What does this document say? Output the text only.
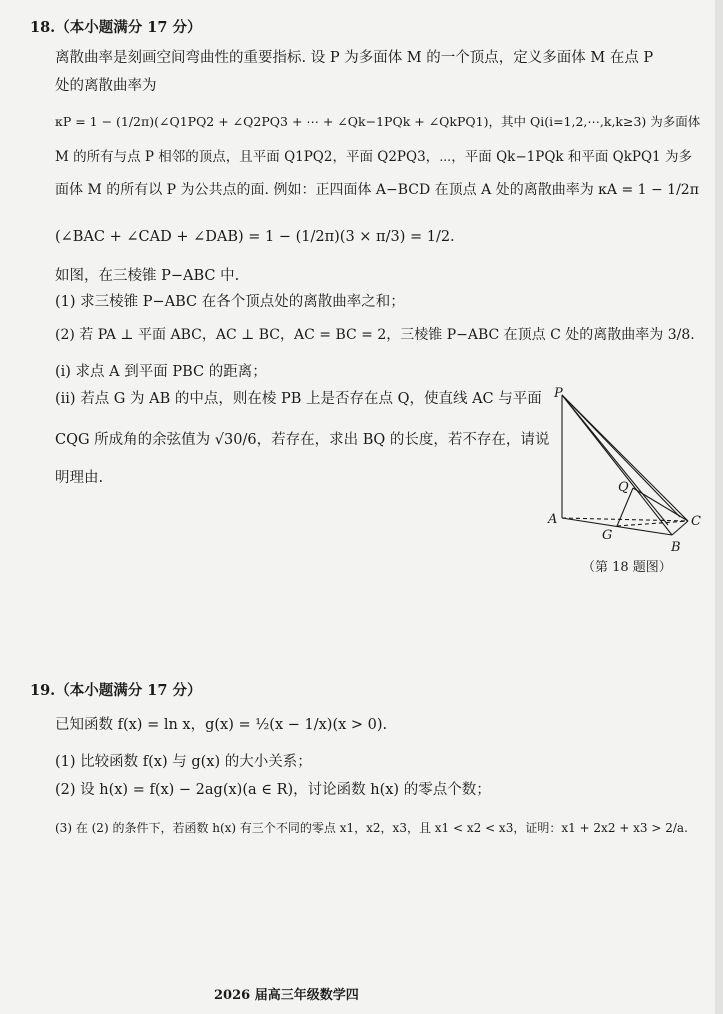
18.（本小题满分 17 分）
离散曲率是刻画空间弯曲性的重要指标. 设 P 为多面体 M 的一个顶点，定义多面体 M 在点 P
处的离散曲率为
κP = 1 − (1/2π)(∠Q1PQ2 + ∠Q2PQ3 + ⋯ + ∠Qk−1PQk + ∠QkPQ1)，其中 Qi(i=1,2,⋯,k,k≥3) 为多面体
M 的所有与点 P 相邻的顶点，且平面 Q1PQ2，平面 Q2PQ3，⋯，平面 Qk−1PQk 和平面 QkPQ1 为多
面体 M 的所有以 P 为公共点的面. 例如：正四面体 A−BCD 在顶点 A 处的离散曲率为 κA = 1 − 1/2π
(∠BAC + ∠CAD + ∠DAB) = 1 − (1/2π)(3 × π/3) = 1/2.
如图，在三棱锥 P−ABC 中.
(1) 求三棱锥 P−ABC 在各个顶点处的离散曲率之和；
(2) 若 PA ⊥ 平面 ABC，AC ⊥ BC，AC = BC = 2，三棱锥 P−ABC 在顶点 C 处的离散曲率为 3/8.
(i) 求点 A 到平面 PBC 的距离；
(ii) 若点 G 为 AB 的中点，则在棱 PB 上是否存在点 Q，使直线 AC 与平面
CQG 所成角的余弦值为 √30/6，若存在，求出 BQ 的长度，若不存在，请说
明理由.
P
Q
A	C
G
B
（第 18 题图）
19.（本小题满分 17 分）
已知函数 f(x) = ln x，g(x) = ½(x − 1/x)(x > 0).
(1) 比较函数 f(x) 与 g(x) 的大小关系；
(2) 设 h(x) = f(x) − 2ag(x)(a ∈ R)，讨论函数 h(x) 的零点个数；
(3) 在 (2) 的条件下，若函数 h(x) 有三个不同的零点 x1，x2，x3，且 x1 < x2 < x3，证明：x1 + 2x2 + x3 > 2/a.
2026 届高三年级数学四
